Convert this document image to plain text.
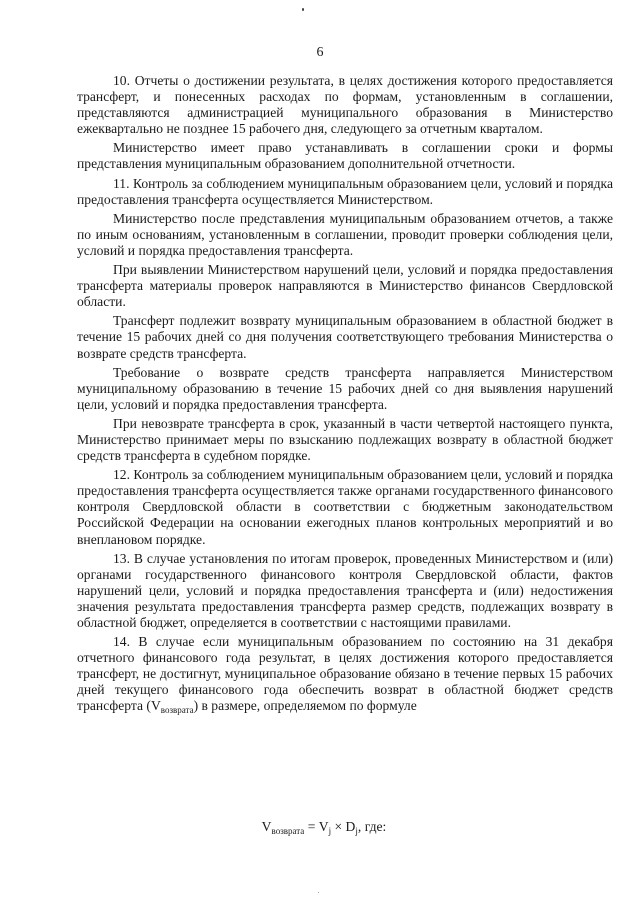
6

10. Отчеты о достижении результата, в целях достижения которого предоставляется трансферт, и понесенных расходах по формам, установленным в соглашении, представляются администрацией муниципального образования в Министерство ежеквартально не позднее 15 рабочего дня, следующего за отчетным кварталом.

Министерство имеет право устанавливать в соглашении сроки и формы представления муниципальным образованием дополнительной отчетности.

11. Контроль за соблюдением муниципальным образованием цели, условий и порядка предоставления трансферта осуществляется Министерством.

Министерство после представления муниципальным образованием отчетов, а также по иным основаниям, установленным в соглашении, проводит проверки соблюдения цели, условий и порядка предоставления трансферта.

При выявлении Министерством нарушений цели, условий и порядка предоставления трансферта материалы проверок направляются в Министерство финансов Свердловской области.

Трансферт подлежит возврату муниципальным образованием в областной бюджет в течение 15 рабочих дней со дня получения соответствующего требования Министерства о возврате средств трансферта.

Требование о возврате средств трансферта направляется Министерством муниципальному образованию в течение 15 рабочих дней со дня выявления нарушений цели, условий и порядка предоставления трансферта.

При невозврате трансферта в срок, указанный в части четвертой настоящего пункта, Министерство принимает меры по взысканию подлежащих возврату в областной бюджет средств трансферта в судебном порядке.

12. Контроль за соблюдением муниципальным образованием цели, условий и порядка предоставления трансферта осуществляется также органами государственного финансового контроля Свердловской области в соответствии с бюджетным законодательством Российской Федерации на основании ежегодных планов контрольных мероприятий и во внеплановом порядке.

13. В случае установления по итогам проверок, проведенных Министерством и (или) органами государственного финансового контроля Свердловской области, фактов нарушений цели, условий и порядка предоставления трансферта и (или) недостижения значения результата предоставления трансферта размер средств, подлежащих возврату в областной бюджет, определяется в соответствии с настоящими правилами.

14. В случае если муниципальным образованием по состоянию на 31 декабря отчетного финансового года результат, в целях достижения которого предоставляется трансферт, не достигнут, муниципальное образование обязано в течение первых 15 рабочих дней текущего финансового года обеспечить возврат в областной бюджет средств трансферта $(V_{возврата})$ в размере, определяемом по формуле

$V_{возврата} = V_j \times D_j$, где:
